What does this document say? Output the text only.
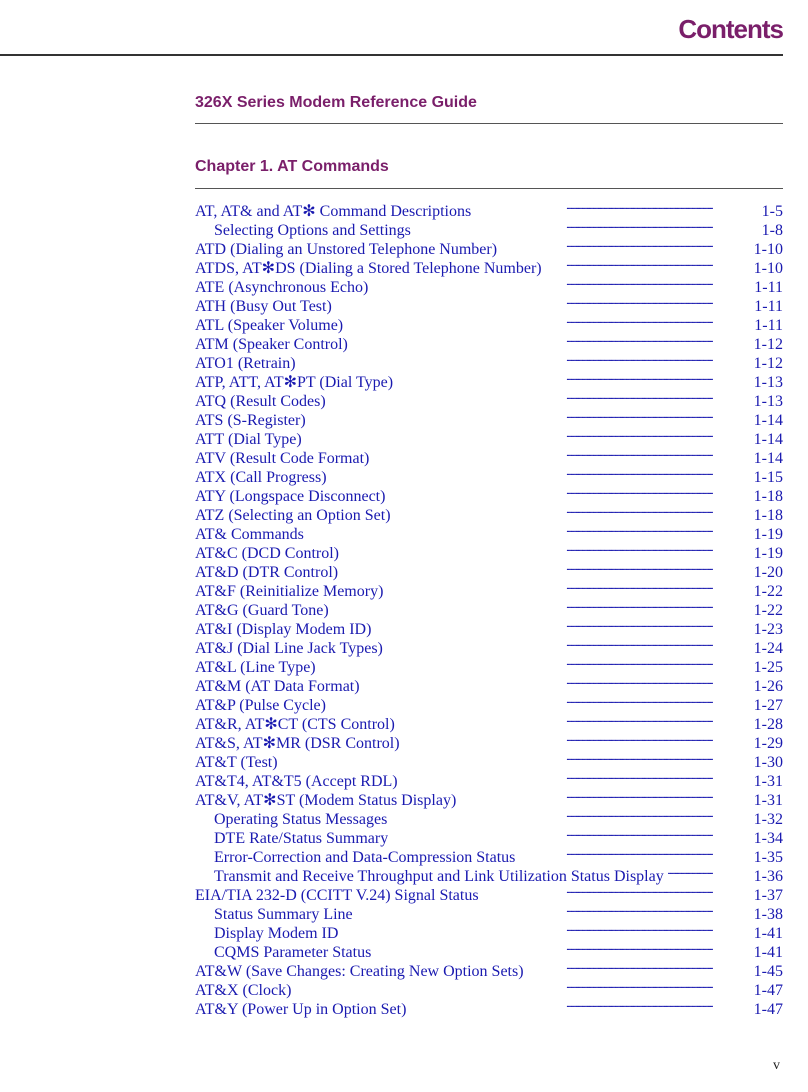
Contents
326X Series Modem Reference Guide
Chapter 1. AT Commands
AT, AT& and AT✻ Command Descriptions . . .	1-5
Selecting Options and Settings . . .	1-8
ATD (Dialing an Unstored Telephone Number) . . .	1-10
ATDS, AT✻DS (Dialing a Stored Telephone Number) . . .	1-10
ATE (Asynchronous Echo) . . .	1-11
ATH (Busy Out Test) . . .	1-11
ATL (Speaker Volume) . . .	1-11
ATM (Speaker Control) . . .	1-12
ATO1 (Retrain) . . .	1-12
ATP, ATT, AT✻PT (Dial Type) . . .	1-13
ATQ (Result Codes) . . .	1-13
ATS (S-Register) . . .	1-14
ATT (Dial Type) . . .	1-14
ATV (Result Code Format) . . .	1-14
ATX (Call Progress) . . .	1-15
ATY (Longspace Disconnect) . . .	1-18
ATZ (Selecting an Option Set) . . .	1-18
AT& Commands . . .	1-19
AT&C (DCD Control) . . .	1-19
AT&D (DTR Control) . . .	1-20
AT&F (Reinitialize Memory) . . .	1-22
AT&G (Guard Tone) . . .	1-22
AT&I (Display Modem ID) . . .	1-23
AT&J (Dial Line Jack Types) . . .	1-24
AT&L (Line Type) . . .	1-25
AT&M (AT Data Format) . . .	1-26
AT&P (Pulse Cycle) . . .	1-27
AT&R, AT✻CT (CTS Control) . . .	1-28
AT&S, AT✻MR (DSR Control) . . .	1-29
AT&T (Test) . . .	1-30
AT&T4, AT&T5 (Accept RDL) . . .	1-31
AT&V, AT✻ST (Modem Status Display) . . .	1-31
Operating Status Messages . . .	1-32
DTE Rate/Status Summary . . .	1-34
Error-Correction and Data-Compression Status . . .	1-35
Transmit and Receive Throughput and Link Utilization Status Display . . .	1-36
EIA/TIA 232-D (CCITT V.24) Signal Status . . .	1-37
Status Summary Line . . .	1-38
Display Modem ID . . .	1-41
CQMS Parameter Status . . .	1-41
AT&W (Save Changes: Creating New Option Sets) . . .	1-45
AT&X (Clock) . . .	1-47
AT&Y (Power Up in Option Set) . . .	1-47
v
